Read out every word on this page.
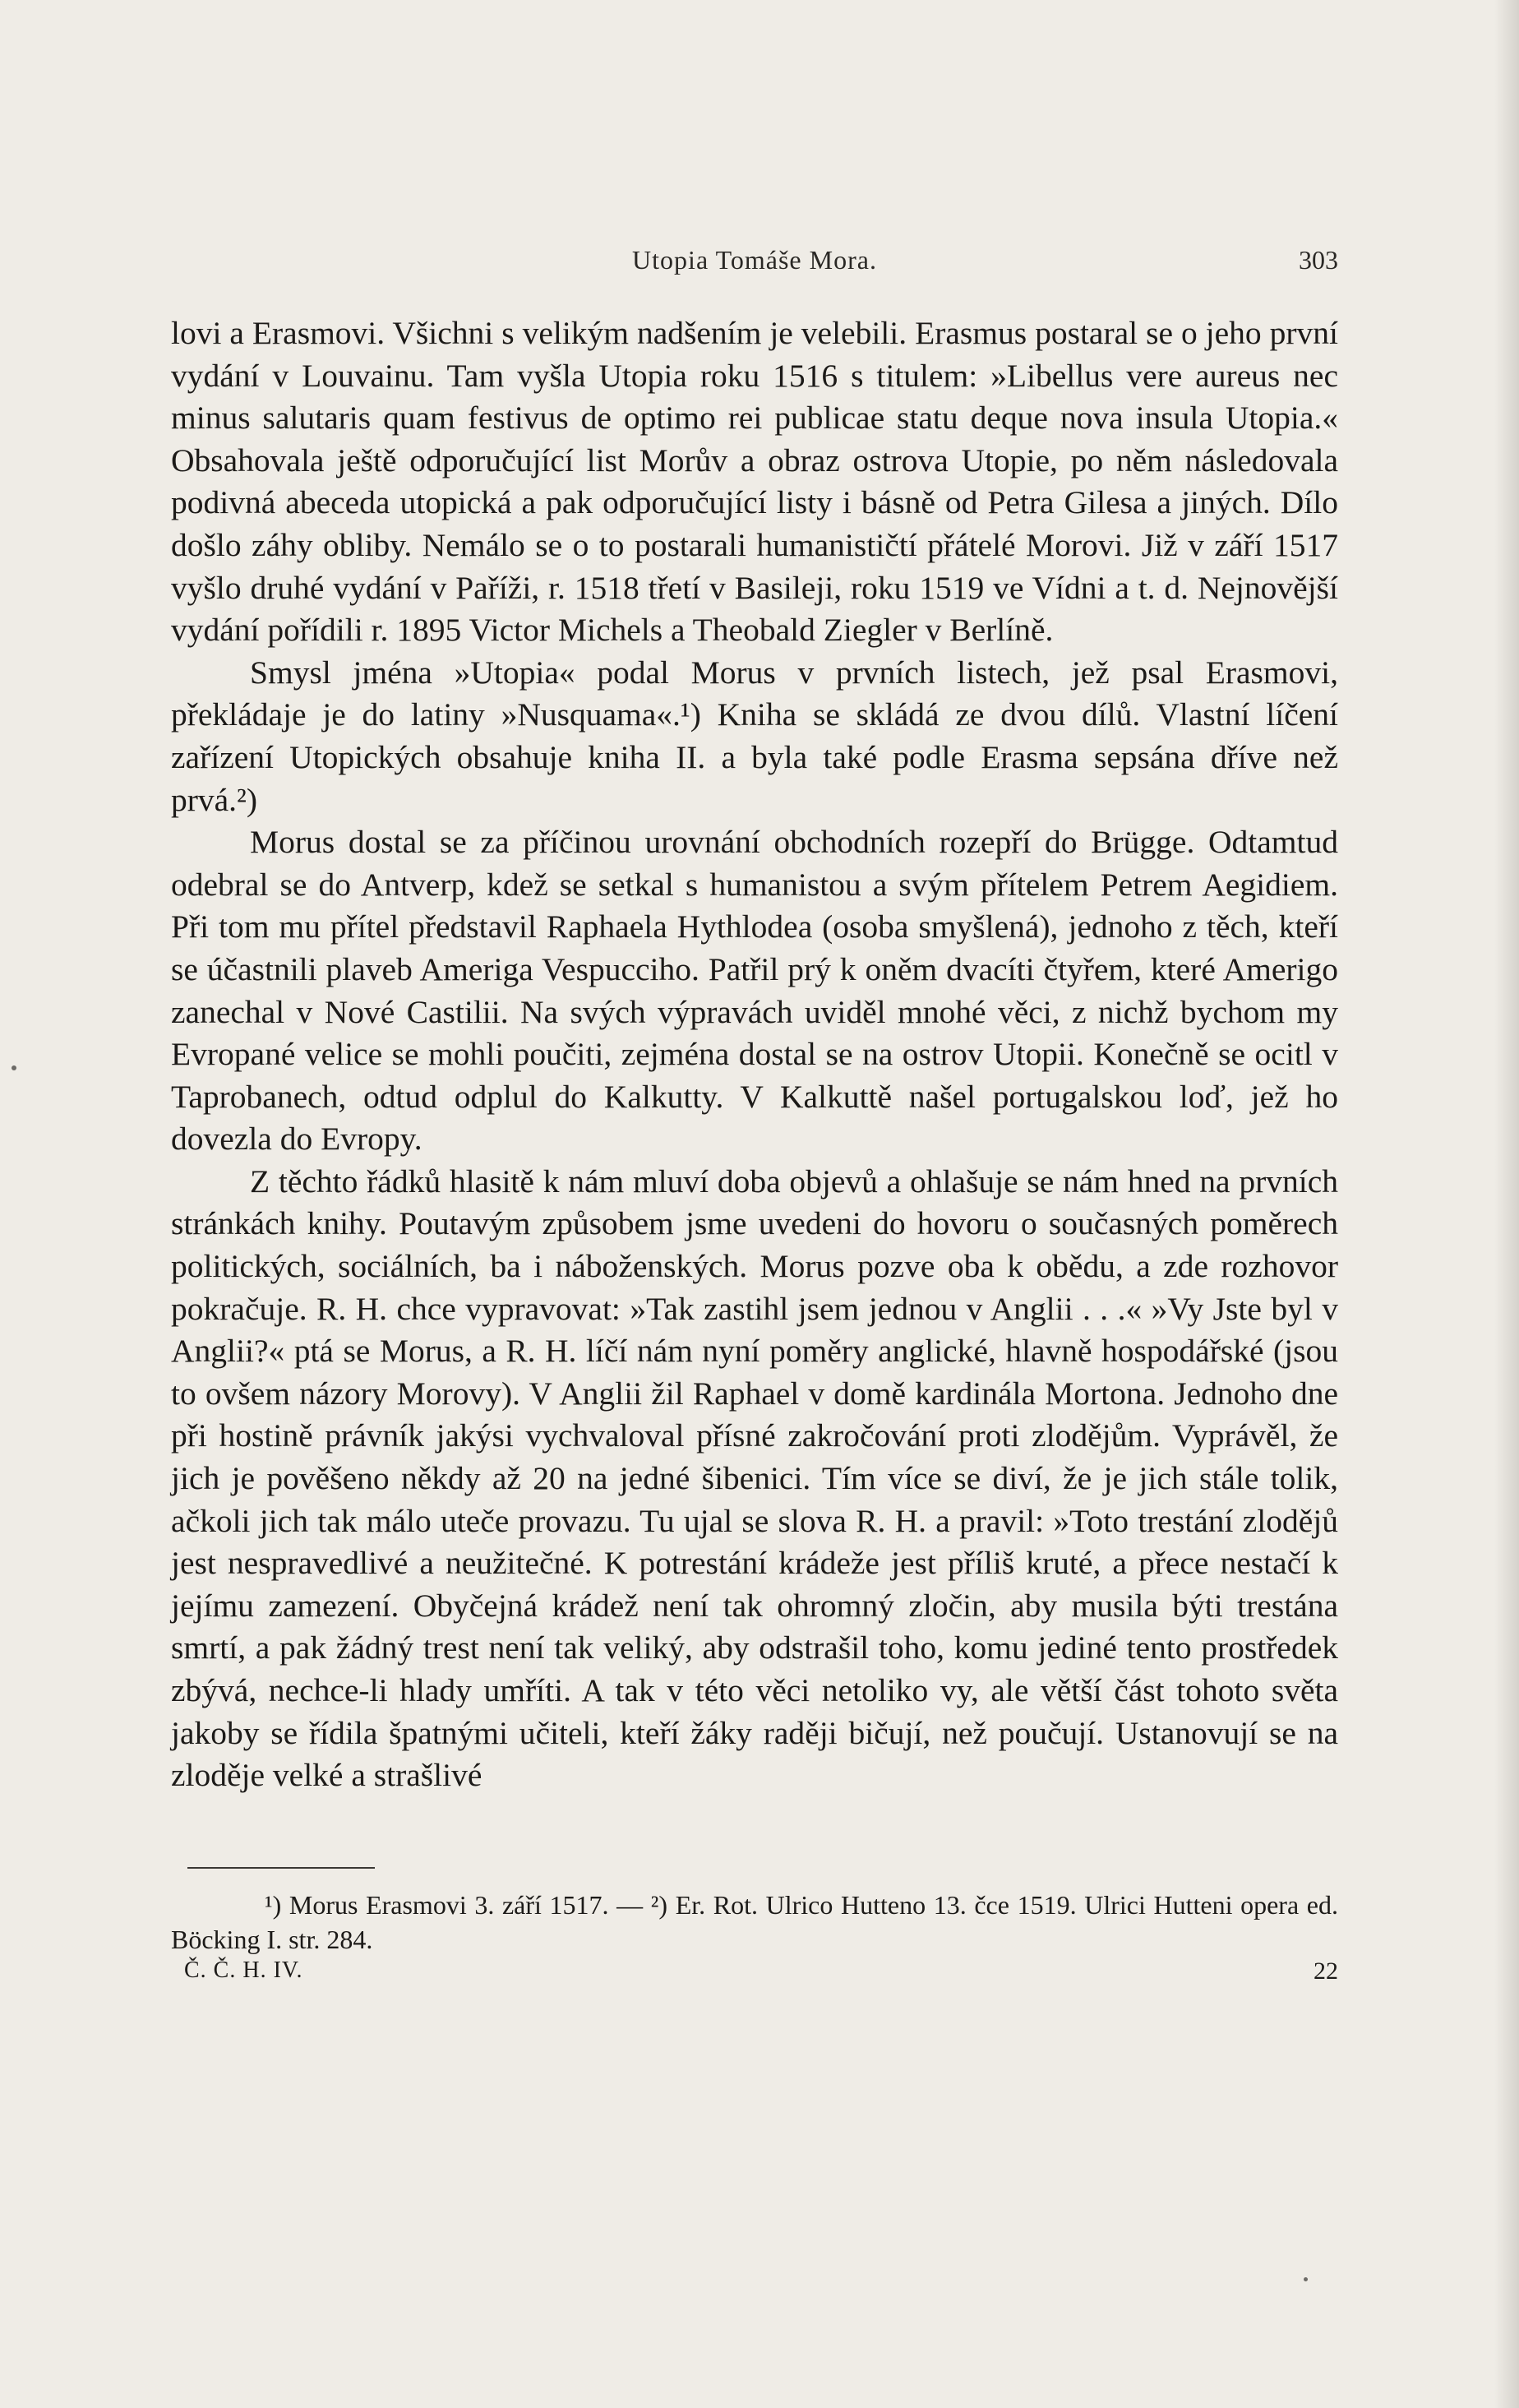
Utopia Tomáše Mora.	303

lovi a Erasmovi. Všichni s velikým nadšením je velebili. Erasmus postaral se o jeho první vydání v Louvainu. Tam vyšla Utopia roku 1516 s titulem: »Libellus vere aureus nec minus salutaris quam festivus de optimo rei publicae statu deque nova insula Utopia.« Obsahovala ještě odporučující list Morův a obraz ostrova Utopie, po něm následovala podivná abeceda utopická a pak odporučující listy i básně od Petra Gilesa a jiných. Dílo došlo záhy obliby. Nemálo se o to postarali humanističtí přátelé Morovi. Již v září 1517 vyšlo druhé vydání v Paříži, r. 1518 třetí v Basileji, roku 1519 ve Vídni a t. d. Nejnovější vydání pořídili r. 1895 Victor Michels a Theobald Ziegler v Berlíně.

Smysl jména »Utopia« podal Morus v prvních listech, jež psal Erasmovi, překládaje je do latiny »Nusquama«.¹) Kniha se skládá ze dvou dílů. Vlastní líčení zařízení Utopických obsahuje kniha II. a byla také podle Erasma sepsána dříve než prvá.²)

Morus dostal se za příčinou urovnání obchodních rozepří do Brügge. Odtamtud odebral se do Antverp, kdež se setkal s humanistou a svým přítelem Petrem Aegidiem. Při tom mu přítel představil Raphaela Hythlodea (osoba smyšlená), jednoho z těch, kteří se účastnili plaveb Ameriga Vespucciho. Patřil prý k oněm dvacíti čtyřem, které Amerigo zanechal v Nové Castilii. Na svých výpravách uviděl mnohé věci, z nichž bychom my Evropané velice se mohli poučiti, zejména dostal se na ostrov Utopii. Konečně se ocitl v Taprobanech, odtud odplul do Kalkutty. V Kalkuttě našel portugalskou loď, jež ho dovezla do Evropy.

Z těchto řádků hlasitě k nám mluví doba objevů a ohlašuje se nám hned na prvních stránkách knihy. Poutavým způsobem jsme uvedeni do hovoru o současných poměrech politických, sociálních, ba i náboženských. Morus pozve oba k obědu, a zde rozhovor pokračuje. R. H. chce vypravovat: »Tak zastihl jsem jednou v Anglii . . .« »Vy Jste byl v Anglii?« ptá se Morus, a R. H. líčí nám nyní poměry anglické, hlavně hospodářské (jsou to ovšem názory Morovy). V Anglii žil Raphael v domě kardinála Mortona. Jednoho dne při hostině právník jakýsi vychvaloval přísné zakročování proti zlodějům. Vyprávěl, že jich je pověšeno někdy až 20 na jedné šibenici. Tím více se diví, že je jich stále tolik, ačkoli jich tak málo uteče provazu. Tu ujal se slova R. H. a pravil: »Toto trestání zlodějů jest nespravedlivé a neužitečné. K potrestání krádeže jest příliš kruté, a přece nestačí k jejímu zamezení. Obyčejná krádež není tak ohromný zločin, aby musila býti trestána smrtí, a pak žádný trest není tak veliký, aby odstrašil toho, komu jediné tento prostředek zbývá, nechce-li hlady umříti. A tak v této věci netoliko vy, ale větší část tohoto světa jakoby se řídila špatnými učiteli, kteří žáky raději bičují, než poučují. Ustanovují se na zloděje velké a strašlivé

¹) Morus Erasmovi 3. září 1517. — ²) Er. Rot. Ulrico Hutteno 13. čce 1519. Ulrici Hutteni opera ed. Böcking I. str. 284.

Č. Č. H. IV.	22
